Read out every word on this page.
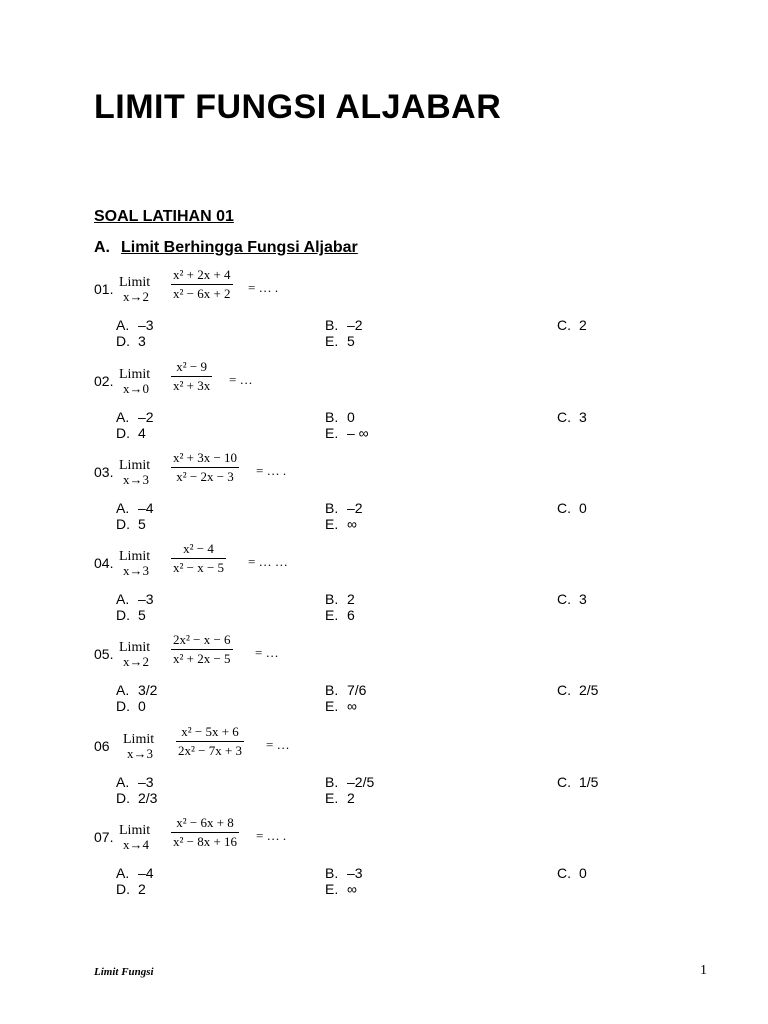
LIMIT FUNGSI ALJABAR
SOAL LATIHAN 01
A. Limit Berhingga Fungsi Aljabar
01. Limit
x→2
x² + 2x + 4
x² − 6x + 2 = … .
A. –3	B. –2	C. 2
D. 3	E. 5
02. Limit
x→0
x² − 9
x² + 3x = …
A. –2	B. 0	C. 3
D. 4	E. – ∞
03. Limit
x→3
x² + 3x − 10
x² − 2x − 3 = … .
A. –4	B. –2	C. 0
D. 5	E. ∞
04. Limit
x→3
x² − 4
x² − x − 5 = … …
A. –3	B. 2	C. 3
D. 5	E. 6
05. Limit
x→2
2x² − x − 6
x² + 2x − 5 = …
A. 3/2	B. 7/6	C. 2/5
D. 0	E. ∞
06 Limit
x→3
x² − 5x + 6
2x² − 7x + 3 = …
A. –3	B. –2/5	C. 1/5
D. 2/3	E. 2
07. Limit
x→4
x² − 6x + 8
x² − 8x + 16 = … .
A. –4	B. –3	C. 0
D. 2	E. ∞
Limit Fungsi	1
